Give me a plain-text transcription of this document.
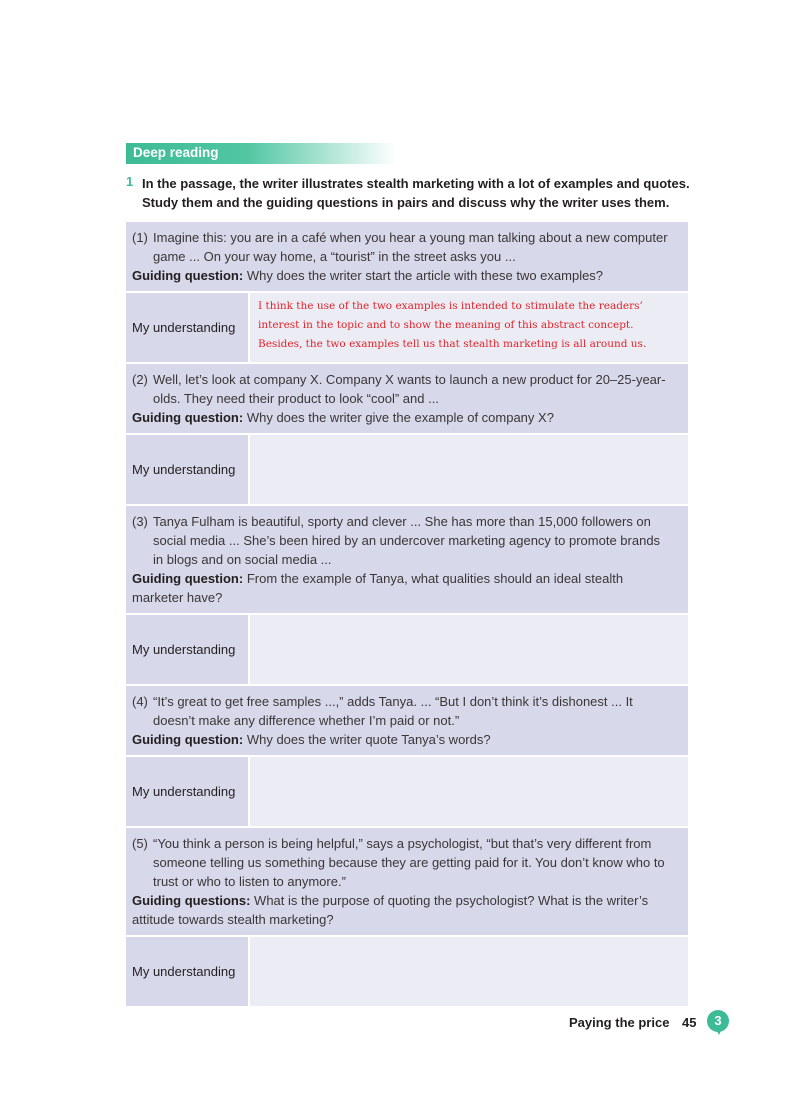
Deep reading
1 In the passage, the writer illustrates stealth marketing with a lot of examples and quotes. Study them and the guiding questions in pairs and discuss why the writer uses them.
(1) Imagine this: you are in a café when you hear a young man talking about a new computer game ... On your way home, a “tourist” in the street asks you ...
Guiding question: Why does the writer start the article with these two examples?
My understanding
I think the use of the two examples is intended to stimulate the readers’ interest in the topic and to show the meaning of this abstract concept. Besides, the two examples tell us that stealth marketing is all around us.
(2) Well, let’s look at company X. Company X wants to launch a new product for 20–25-year-olds. They need their product to look “cool” and ...
Guiding question: Why does the writer give the example of company X?
My understanding
(3) Tanya Fulham is beautiful, sporty and clever ... She has more than 15,000 followers on social media ... She’s been hired by an undercover marketing agency to promote brands in blogs and on social media ...
Guiding question: From the example of Tanya, what qualities should an ideal stealth marketer have?
My understanding
(4) “It’s great to get free samples ...,” adds Tanya. ... “But I don’t think it’s dishonest ... It doesn’t make any difference whether I’m paid or not.”
Guiding question: Why does the writer quote Tanya’s words?
My understanding
(5) “You think a person is being helpful,” says a psychologist, “but that’s very different from someone telling us something because they are getting paid for it. You don’t know who to trust or who to listen to anymore.”
Guiding questions: What is the purpose of quoting the psychologist? What is the writer’s attitude towards stealth marketing?
My understanding
Paying the price 45	3
